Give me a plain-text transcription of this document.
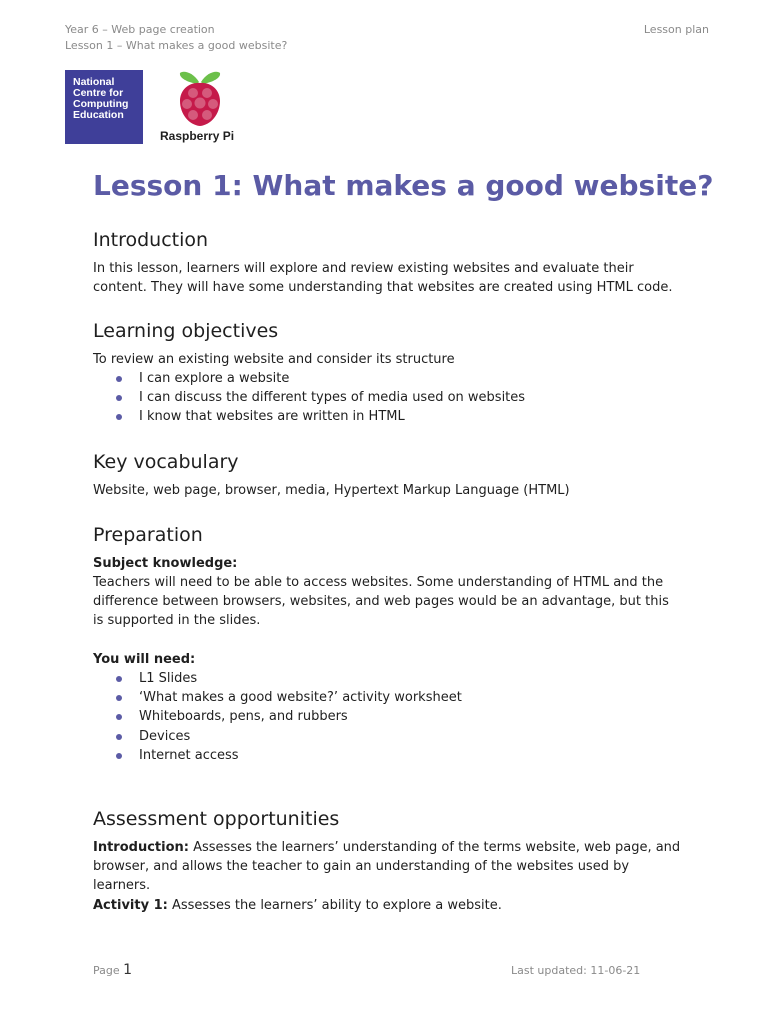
Year 6 – Web page creation
Lesson 1 – What makes a good website?
Lesson plan
National
Centre for
Computing
Education
Raspberry Pi
Lesson 1: What makes a good website?
Introduction
In this lesson, learners will explore and review existing websites and evaluate their
content. They will have some understanding that websites are created using HTML code.
Learning objectives
To review an existing website and consider its structure
I can explore a website
I can discuss the different types of media used on websites
I know that websites are written in HTML
Key vocabulary
Website, web page, browser, media, Hypertext Markup Language (HTML)
Preparation
Subject knowledge:
Teachers will need to be able to access websites. Some understanding of HTML and the
difference between browsers, websites, and web pages would be an advantage, but this
is supported in the slides.
You will need:
L1 Slides
‘What makes a good website?’ activity worksheet
Whiteboards, pens, and rubbers
Devices
Internet access
Assessment opportunities
Introduction: Assesses the learners’ understanding of the terms website, web page, and
browser, and allows the teacher to gain an understanding of the websites used by
learners.
Activity 1: Assesses the learners’ ability to explore a website.
Page 1	Last updated: 11-06-21
